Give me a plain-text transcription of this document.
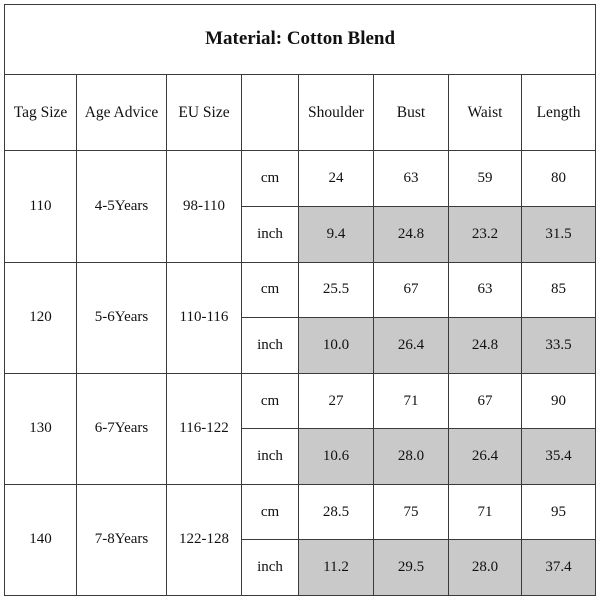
Material: Cotton Blend							
Tag Size	Age Advice	EU Size		Shoulder	Bust	Waist	Length
110	4-5Years	98-110	cm	24	63	59	80
			inch	9.4	24.8	23.2	31.5
120	5-6Years	110-116	cm	25.5	67	63	85
			inch	10.0	26.4	24.8	33.5
130	6-7Years	116-122	cm	27	71	67	90
			inch	10.6	28.0	26.4	35.4
140	7-8Years	122-128	cm	28.5	75	71	95
			inch	11.2	29.5	28.0	37.4
